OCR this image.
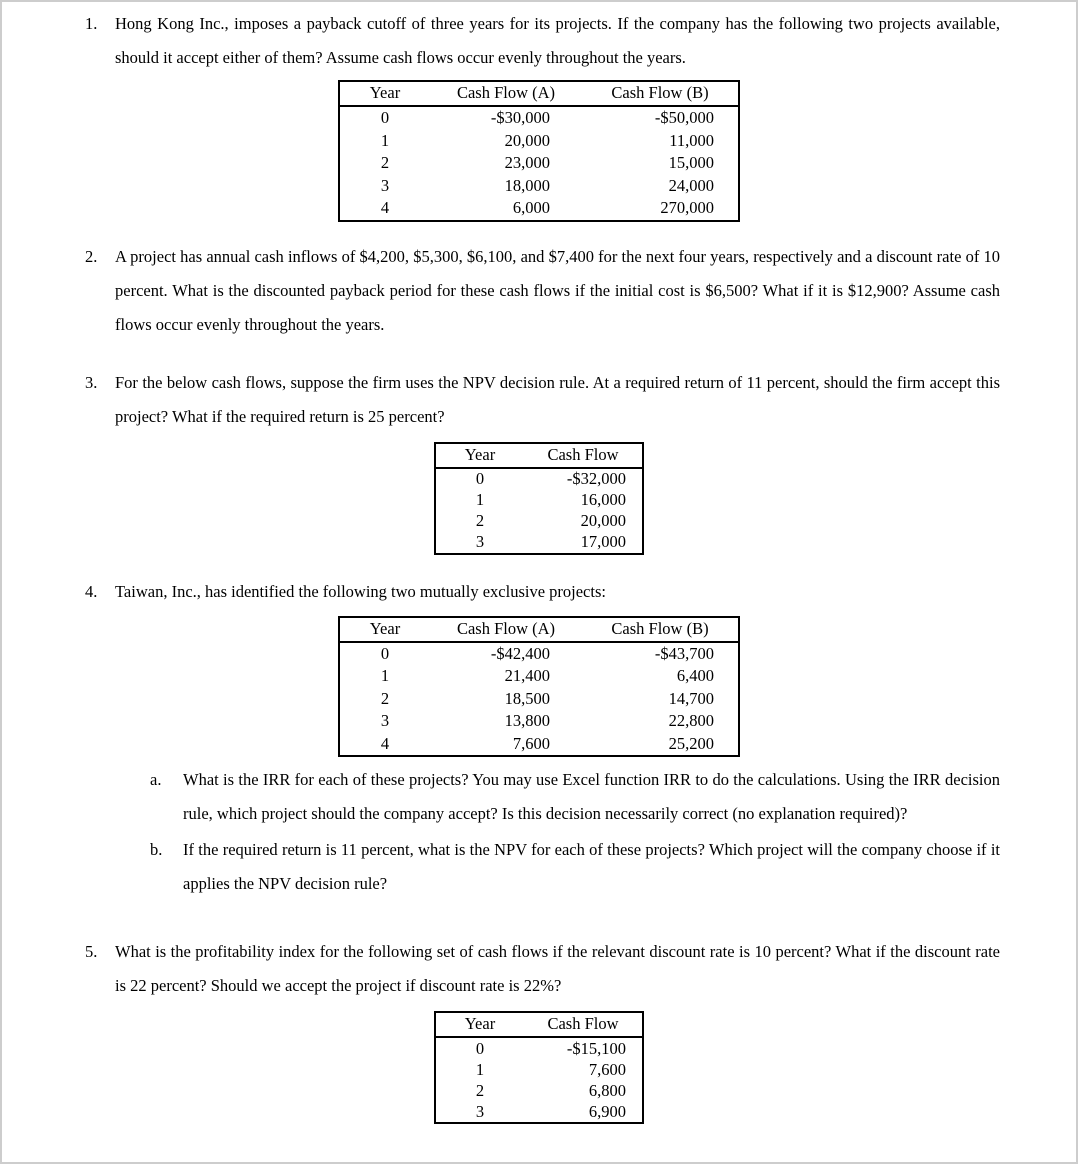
1.	Hong Kong Inc., imposes a payback cutoff of three years for its projects. If the company has the following two projects available, should it accept either of them? Assume cash flows occur evenly throughout the years.

Year	Cash Flow (A)	Cash Flow (B)
0	-$30,000	-$50,000
1	20,000	11,000
2	23,000	15,000
3	18,000	24,000
4	6,000	270,000
2.	A project has annual cash inflows of $4,200, $5,300, $6,100, and $7,400 for the next four years, respectively and a discount rate of 10 percent. What is the discounted payback period for these cash flows if the initial cost is $6,500? What if it is $12,900? Assume cash flows occur evenly throughout the years.

3.	For the below cash flows, suppose the firm uses the NPV decision rule. At a required return of 11 percent, should the firm accept this project? What if the required return is 25 percent?

Year	Cash Flow
0	-$32,000
1	16,000
2	20,000
3	17,000
4.	Taiwan, Inc., has identified the following two mutually exclusive projects:

Year	Cash Flow (A)	Cash Flow (B)
0	-$42,400	-$43,700
1	21,400	6,400
2	18,500	14,700
3	13,800	22,800
4	7,600	25,200
a.	What is the IRR for each of these projects? You may use Excel function IRR to do the calculations. Using the IRR decision rule, which project should the company accept? Is this decision necessarily correct (no explanation required)?

b.	If the required return is 11 percent, what is the NPV for each of these projects? Which project will the company choose if it applies the NPV decision rule?

5.	What is the profitability index for the following set of cash flows if the relevant discount rate is 10 percent? What if the discount rate is 22 percent? Should we accept the project if discount rate is 22%?

Year	Cash Flow
0	-$15,100
1	7,600
2	6,800
3	6,900
